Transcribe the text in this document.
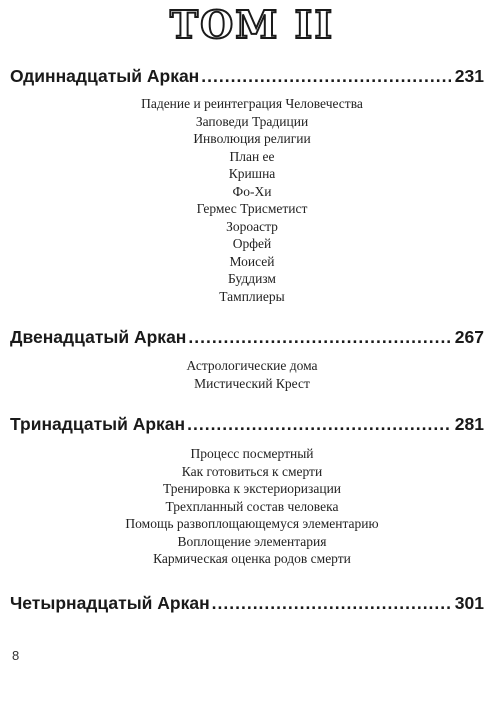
ТОМ II
Одиннадцатый Аркан .....	231
Падение и реинтеграция Человечества
Заповеди Традиции
Инволюция религии
План ее
Кришна
Фо-Хи
Гермес Трисметист
Зороастр
Орфей
Моисей
Буддизм
Тамплиеры
Двенадцатый Аркан .....	267
Астрологические дома
Мистический Крест
Тринадцатый Аркан .....	281
Процесс посмертный
Как готовиться к смерти
Тренировка к экстериоризации
Трехпланный состав человека
Помощь развоплощающемуся элементарию
Воплощение элементария
Кармическая оценка родов смерти
Четырнадцатый Аркан .....	301
8
